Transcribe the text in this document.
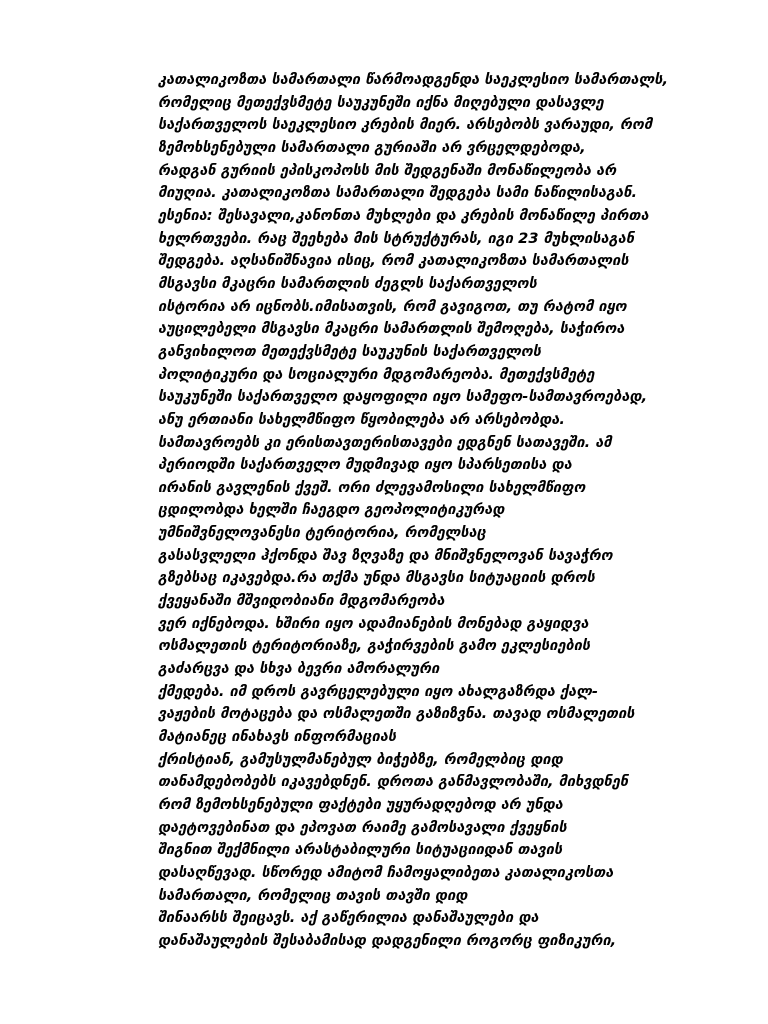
კათალიკოზთა სამართალი წარმოადგენდა საეკლესიო სამართალს,
რომელიც მეთექვსმეტე საუკუნეში იქნა მიღებული დასავლე
საქართველოს საეკლესიო კრების მიერ. არსებობს ვარაუდი, რომ
ზემოხსენებული სამართალი გურიაში არ ვრცელდებოდა,
რადგან გურიის ეპისკოპოსს მის შედგენაში მონაწილეობა არ
მიუღია. კათალიკოზთა სამართალი შედგება სამი ნაწილისაგან.
ესენია: შესავალი,კანონთა მუხლები და კრების მონაწილე პირთა
ხელრთვები. რაც შეეხება მის სტრუქტურას, იგი 23 მუხლისაგან
შედგება. აღსანიშნავია ისიც, რომ კათალიკოზთა სამართალის
მსგავსი მკაცრი სამართლის ძეგლს საქართველოს
ისტორია არ იცნობს.იმისათვის, რომ გავიგოთ, თუ რატომ იყო
აუცილებელი მსგავსი მკაცრი სამართლის შემოღება, საჭიროა
განვიხილოთ მეთექვსმეტე საუკუნის საქართველოს
პოლიტიკური და სოციალური მდგომარეობა. მეთექვსმეტე
საუკუნეში საქართველო დაყოფილი იყო სამეფო-სამთავროებად,
ანუ ერთიანი სახელმწიფო წყობილება არ არსებობდა.
სამთავროებს კი ერისთავთერისთავები ედგნენ სათავეში. ამ
პერიოდში საქართველო მუდმივად იყო სპარსეთისა და
ირანის გავლენის ქვეშ. ორი ძლევამოსილი სახელმწიფო
ცდილობდა ხელში ჩაეგდო გეოპოლიტიკურად
უმნიშვნელოვანესი ტერიტორია, რომელსაც
გასასვლელი ჰქონდა შავ ზღვაზე და მნიშვნელოვან სავაჭრო
გზებსაც იკავებდა.რა თქმა უნდა მსგავსი სიტუაციის დროს
ქვეყანაში მშვიდობიანი მდგომარეობა
ვერ იქნებოდა. ხშირი იყო ადამიანების მონებად გაყიდვა
ოსმალეთის ტერიტორიაზე, გაჭირვების გამო ეკლესიების
გაძარცვა და სხვა ბევრი ამორალური
ქმედება. იმ დროს გავრცელებული იყო ახალგაზრდა ქალ-
ვაჟების მოტაცება და ოსმალეთში გაზიზვნა. თავად ოსმალეთის
მატიანეც ინახავს ინფორმაციას
ქრისტიან, გამუსულმანებულ ბიჭებზე, რომელბიც დიდ
თანამდებობებს იკავებდნენ. დროთა განმავლობაში, მიხვდნენ
რომ ზემოხსენებული ფაქტები უყურადღებოდ არ უნდა
დაეტოვებინათ და ეპოვათ რაიმე გამოსავალი ქვეყნის
შიგნით შექმნილი არასტაბილური სიტუაციიდან თავის
დასაღწევად. სწორედ ამიტომ ჩამოყალიბეთა კათალიკოსთა
სამართალი, რომელიც თავის თავში დიდ
შინაარსს შეიცავს. აქ გაწერილია დანაშაულები და
დანაშაულების შესაბამისად დადგენილი როგორც ფიზიკური,
